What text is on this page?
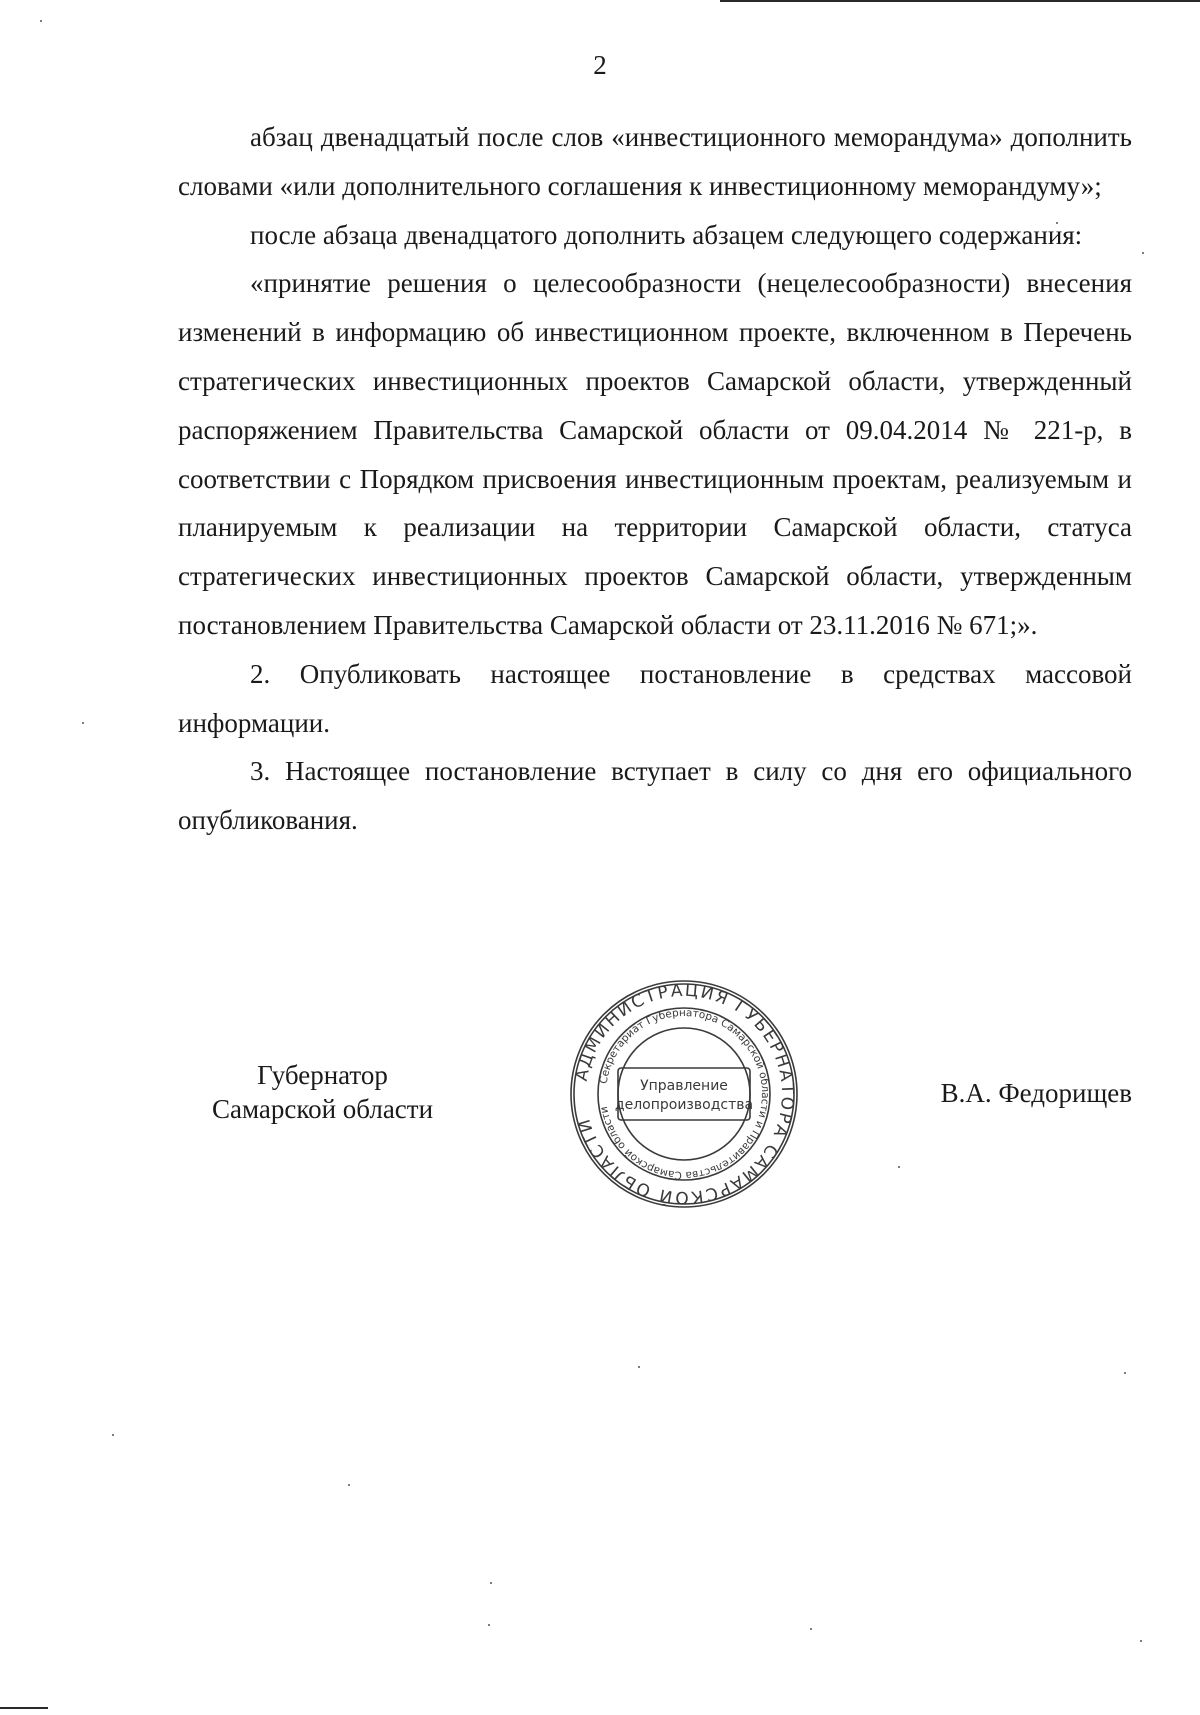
2

абзац двенадцатый после слов «инвестиционного меморандума» дополнить словами «или дополнительного соглашения к инвестиционному меморандуму»;

после абзаца двенадцатого дополнить абзацем следующего содержания:

«принятие решения о целесообразности (нецелесообразности) внесения изменений в информацию об инвестиционном проекте, включенном в Перечень стратегических инвестиционных проектов Самарской области, утвержденный распоряжением Правительства Самарской области от 09.04.2014 № 221-р, в соответствии с Порядком присвоения инвестиционным проектам, реализуемым и планируемым к реализации на территории Самарской области, статуса стратегических инвестиционных проектов Самарской области, утвержденным постановлением Правительства Самарской области от 23.11.2016 № 671;».

2. Опубликовать настоящее постановление в средствах массовой информации.

3. Настоящее постановление вступает в силу со дня его официального опубликования.

Губернатор
Самарской области
АДМИНИСТРАЦИЯ ГУБЕРНАТОРА САМАРСКОЙ ОБЛАСТИ
Секретариат Губернатора Самарской области и Правительства Самарской области
Управление
делопроизводства	В.А. Федорищев
